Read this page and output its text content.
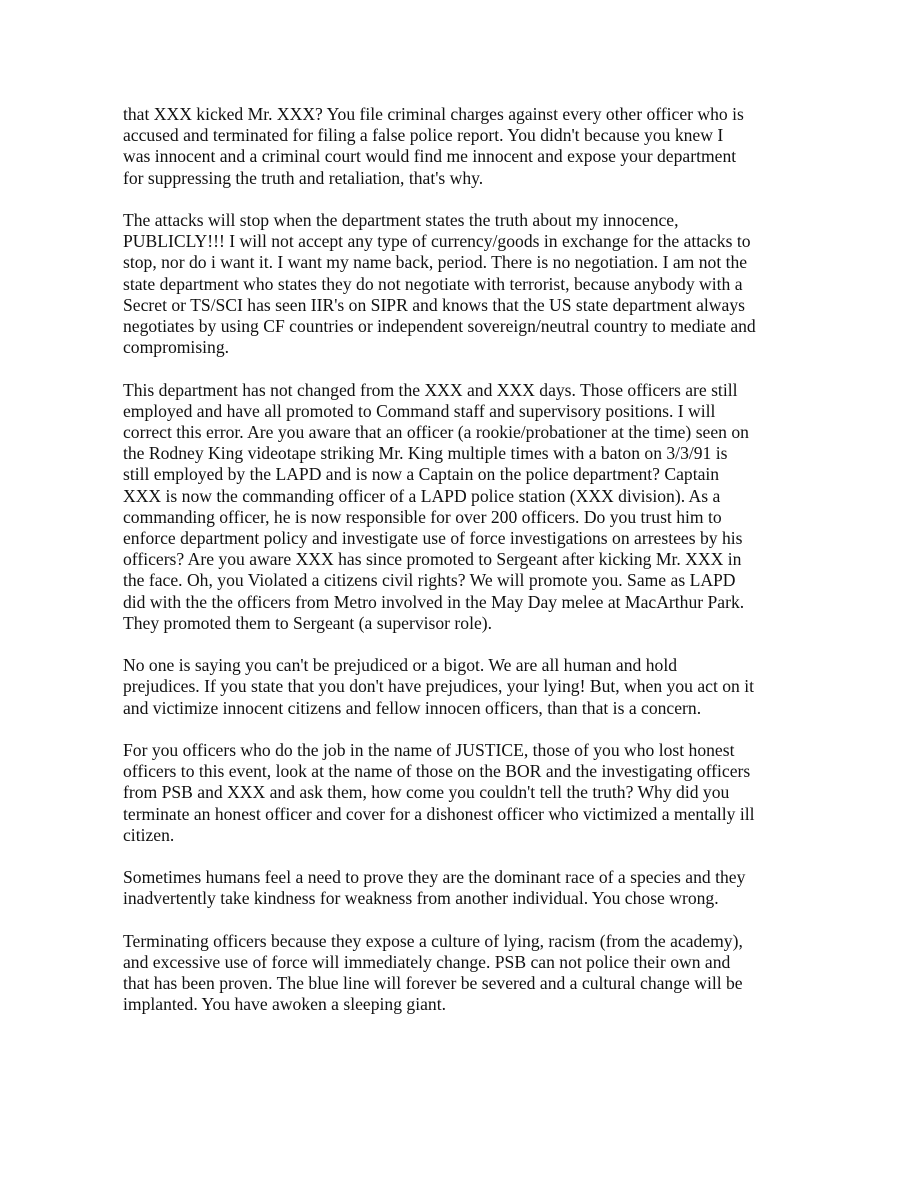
that XXX kicked Mr. XXX? You file criminal charges against every other officer who is
accused and terminated for filing a false police report. You didn't because you knew I
was innocent and a criminal court would find me innocent and expose your department
for suppressing the truth and retaliation, that's why.

The attacks will stop when the department states the truth about my innocence,
PUBLICLY!!! I will not accept any type of currency/goods in exchange for the attacks to
stop, nor do i want it. I want my name back, period. There is no negotiation. I am not the
state department who states they do not negotiate with terrorist, because anybody with a
Secret or TS/SCI has seen IIR's on SIPR and knows that the US state department always
negotiates by using CF countries or independent sovereign/neutral country to mediate and
compromising.

This department has not changed from the XXX and XXX days. Those officers are still
employed and have all promoted to Command staff and supervisory positions. I will
correct this error. Are you aware that an officer (a rookie/probationer at the time) seen on
the Rodney King videotape striking Mr. King multiple times with a baton on 3/3/91 is
still employed by the LAPD and is now a Captain on the police department? Captain
XXX is now the commanding officer of a LAPD police station (XXX division). As a
commanding officer, he is now responsible for over 200 officers. Do you trust him to
enforce department policy and investigate use of force investigations on arrestees by his
officers? Are you aware XXX has since promoted to Sergeant after kicking Mr. XXX in
the face. Oh, you Violated a citizens civil rights? We will promote you. Same as LAPD
did with the the officers from Metro involved in the May Day melee at MacArthur Park.
They promoted them to Sergeant (a supervisor role).

No one is saying you can't be prejudiced or a bigot. We are all human and hold
prejudices. If you state that you don't have prejudices, your lying! But, when you act on it
and victimize innocent citizens and fellow innocen officers, than that is a concern.

For you officers who do the job in the name of JUSTICE, those of you who lost honest
officers to this event, look at the name of those on the BOR and the investigating officers
from PSB and XXX and ask them, how come you couldn't tell the truth? Why did you
terminate an honest officer and cover for a dishonest officer who victimized a mentally ill
citizen.

Sometimes humans feel a need to prove they are the dominant race of a species and they
inadvertently take kindness for weakness from another individual. You chose wrong.

Terminating officers because they expose a culture of lying, racism (from the academy),
and excessive use of force will immediately change. PSB can not police their own and
that has been proven. The blue line will forever be severed and a cultural change will be
implanted. You have awoken a sleeping giant.
